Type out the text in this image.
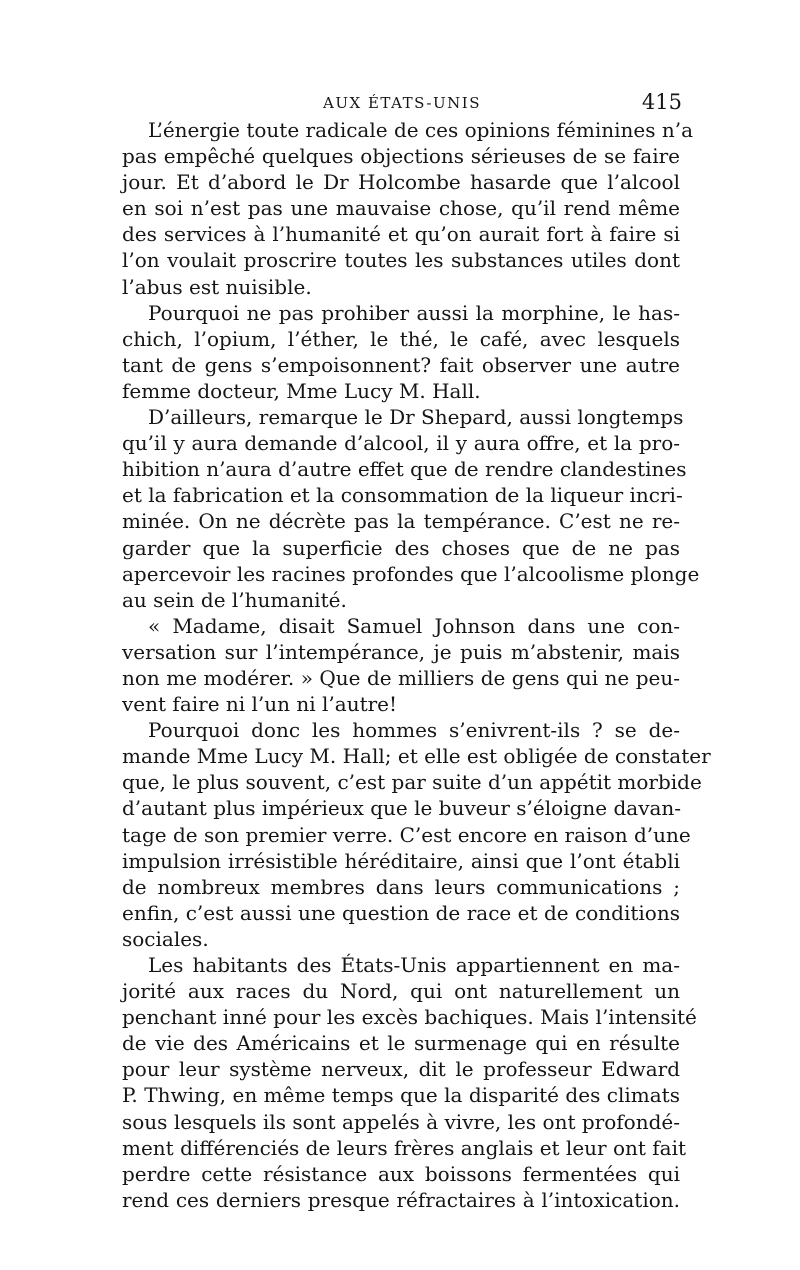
AUX ÉTATS-UNIS	415
L’énergie toute radicale de ces opinions féminines n’a
pas empêché quelques objections sérieuses de se faire
jour. Et d’abord le Dr Holcombe hasarde que l’alcool
en soi n’est pas une mauvaise chose, qu’il rend même
des services à l’humanité et qu’on aurait fort à faire si
l’on voulait proscrire toutes les substances utiles dont
l’abus est nuisible.
Pourquoi ne pas prohiber aussi la morphine, le has-
chich, l’opium, l’éther, le thé, le café, avec lesquels
tant de gens s’empoisonnent? fait observer une autre
femme docteur, Mme Lucy M. Hall.
D’ailleurs, remarque le Dr Shepard, aussi longtemps
qu’il y aura demande d’alcool, il y aura offre, et la pro-
hibition n’aura d’autre effet que de rendre clandestines
et la fabrication et la consommation de la liqueur incri-
minée. On ne décrète pas la tempérance. C’est ne re-
garder que la superficie des choses que de ne pas
apercevoir les racines profondes que l’alcoolisme plonge
au sein de l’humanité.
« Madame, disait Samuel Johnson dans une con-
versation sur l’intempérance, je puis m’abstenir, mais
non me modérer. » Que de milliers de gens qui ne peu-
vent faire ni l’un ni l’autre!
Pourquoi donc les hommes s’enivrent-ils ? se de-
mande Mme Lucy M. Hall; et elle est obligée de constater
que, le plus souvent, c’est par suite d’un appétit morbide
d’autant plus impérieux que le buveur s’éloigne davan-
tage de son premier verre. C’est encore en raison d’une
impulsion irrésistible héréditaire, ainsi que l’ont établi
de nombreux membres dans leurs communications ;
enfin, c’est aussi une question de race et de conditions
sociales.
Les habitants des États-Unis appartiennent en ma-
jorité aux races du Nord, qui ont naturellement un
penchant inné pour les excès bachiques. Mais l’intensité
de vie des Américains et le surmenage qui en résulte
pour leur système nerveux, dit le professeur Edward
P. Thwing, en même temps que la disparité des climats
sous lesquels ils sont appelés à vivre, les ont profondé-
ment différenciés de leurs frères anglais et leur ont fait
perdre cette résistance aux boissons fermentées qui
rend ces derniers presque réfractaires à l’intoxication.
